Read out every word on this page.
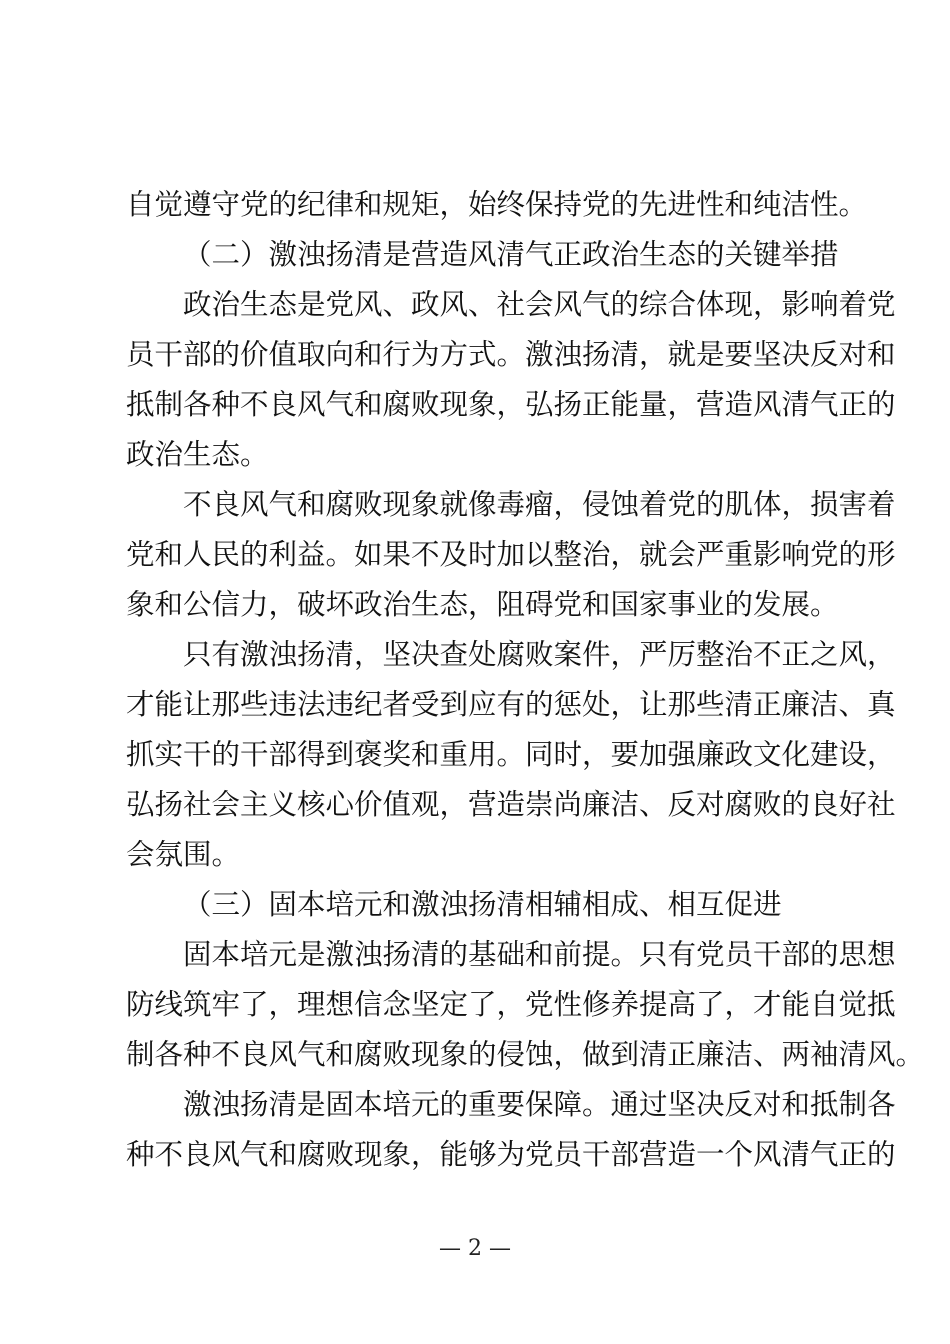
自觉遵守党的纪律和规矩，始终保持党的先进性和纯洁性。
（二）激浊扬清是营造风清气正政治生态的关键举措
政治生态是党风、政风、社会风气的综合体现，影响着党
员干部的价值取向和行为方式。激浊扬清，就是要坚决反对和
抵制各种不良风气和腐败现象，弘扬正能量，营造风清气正的
政治生态。
不良风气和腐败现象就像毒瘤，侵蚀着党的肌体，损害着
党和人民的利益。如果不及时加以整治，就会严重影响党的形
象和公信力，破坏政治生态，阻碍党和国家事业的发展。
只有激浊扬清，坚决查处腐败案件，严厉整治不正之风，
才能让那些违法违纪者受到应有的惩处，让那些清正廉洁、真
抓实干的干部得到褒奖和重用。同时，要加强廉政文化建设，
弘扬社会主义核心价值观，营造崇尚廉洁、反对腐败的良好社
会氛围。
（三）固本培元和激浊扬清相辅相成、相互促进
固本培元是激浊扬清的基础和前提。只有党员干部的思想
防线筑牢了，理想信念坚定了，党性修养提高了，才能自觉抵
制各种不良风气和腐败现象的侵蚀，做到清正廉洁、两袖清风。
激浊扬清是固本培元的重要保障。通过坚决反对和抵制各
种不良风气和腐败现象，能够为党员干部营造一个风清气正的
— 2 —
